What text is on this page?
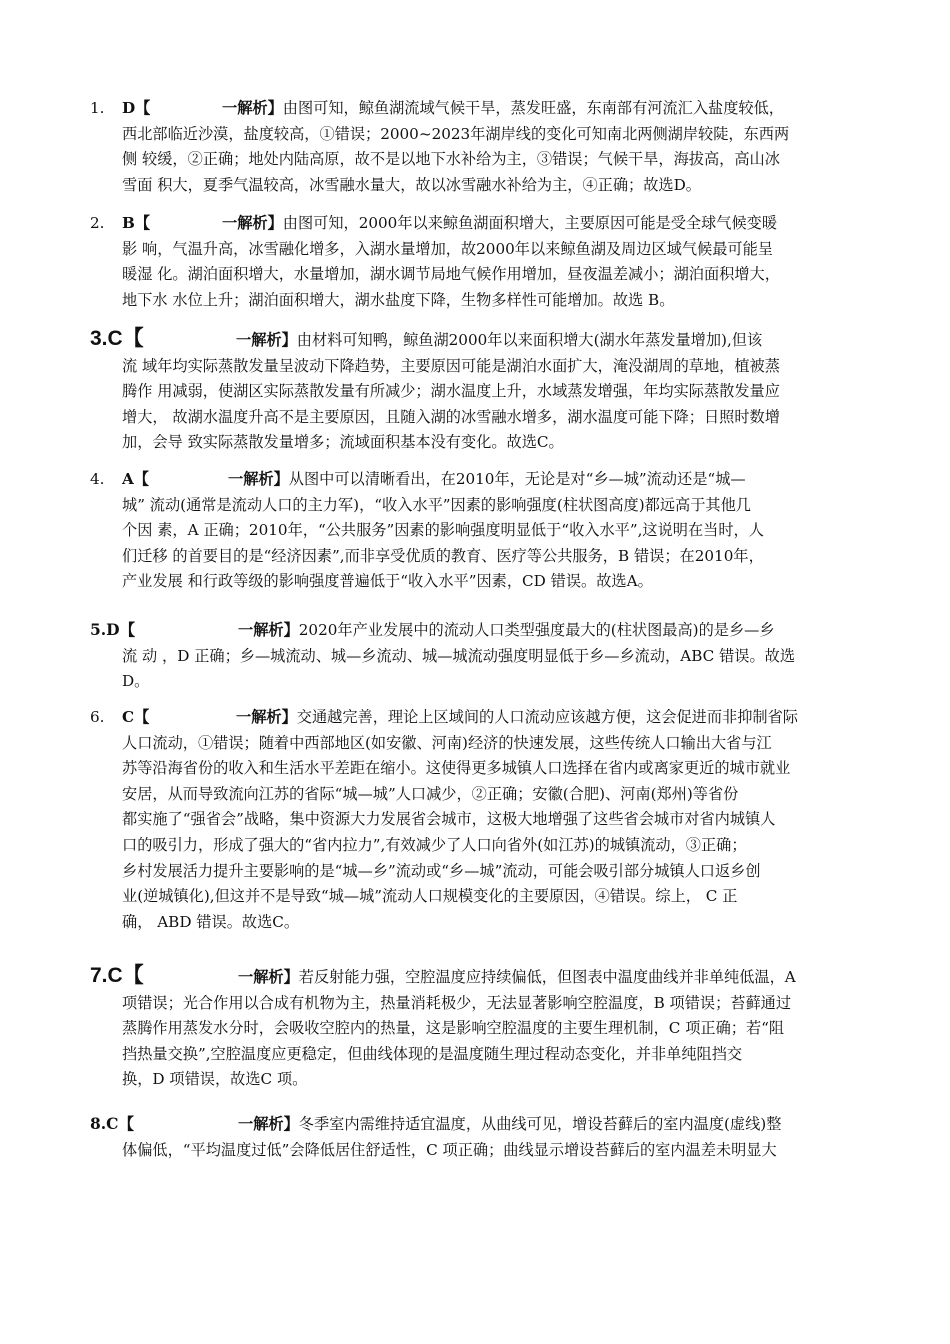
1. D【	一解析】由图可知，鲸鱼湖流域气候干旱，蒸发旺盛，东南部有河流汇入盐度较低，
西北部临近沙漠，盐度较高，①错误；2000~2023年湖岸线的变化可知南北两侧湖岸较陡，东西两
侧 较缓，②正确；地处内陆高原，故不是以地下水补给为主，③错误；气候干旱，海拔高，高山冰
雪面 积大，夏季气温较高，冰雪融水量大，故以冰雪融水补给为主，④正确；故选D。
2. B【	一解析】由图可知，2000年以来鲸鱼湖面积增大，主要原因可能是受全球气候变暖
影 响，气温升高，冰雪融化增多，入湖水量增加，故2000年以来鲸鱼湖及周边区域气候最可能呈
暖湿 化。湖泊面积增大，水量增加，湖水调节局地气候作用增加，昼夜温差减小；湖泊面积增大，
地下水 水位上升；湖泊面积增大，湖水盐度下降，生物多样性可能增加。故选 B。
3.C【	一解析】由材料可知鸭，鲸鱼湖2000年以来面积增大(湖水年蒸发量增加),但该
流 域年均实际蒸散发量呈波动下降趋势，主要原因可能是湖泊水面扩大，淹没湖周的草地，植被蒸
腾作 用减弱，使湖区实际蒸散发量有所减少；湖水温度上升，水域蒸发增强，年均实际蒸散发量应
增大， 故湖水温度升高不是主要原因，且随入湖的冰雪融水增多，湖水温度可能下降；日照时数增
加，会导 致实际蒸散发量增多；流域面积基本没有变化。故选C。
4. A【	一解析】从图中可以清晰看出，在2010年，无论是对“乡—城”流动还是“城—
城” 流动(通常是流动人口的主力军)，“收入水平”因素的影响强度(柱状图高度)都远高于其他几
个因 素，A 正确；2010年，“公共服务”因素的影响强度明显低于“收入水平”,这说明在当时，人
们迁移 的首要目的是“经济因素”,而非享受优质的教育、医疗等公共服务，B 错误；在2010年，
产业发展 和行政等级的影响强度普遍低于“收入水平”因素，CD 错误。故选A。
5.D【	一解析】2020年产业发展中的流动人口类型强度最大的(柱状图最高)的是乡—乡
流 动 ，D 正确；乡—城流动、城—乡流动、城—城流动强度明显低于乡—乡流动，ABC 错误。故选
D。
6. C【	一解析】交通越完善，理论上区域间的人口流动应该越方便，这会促进而非抑制省际
人口流动，①错误；随着中西部地区(如安徽、河南)经济的快速发展，这些传统人口输出大省与江
苏等沿海省份的收入和生活水平差距在缩小。这使得更多城镇人口选择在省内或离家更近的城市就业
安居，从而导致流向江苏的省际“城—城”人口减少，②正确；安徽(合肥)、河南(郑州)等省份
都实施了“强省会”战略，集中资源大力发展省会城市，这极大地增强了这些省会城市对省内城镇人
口的吸引力，形成了强大的“省内拉力”,有效减少了人口向省外(如江苏)的城镇流动，③正确；
乡村发展活力提升主要影响的是“城—乡”流动或“乡—城”流动，可能会吸引部分城镇人口返乡创
业(逆城镇化),但这并不是导致“城—城”流动人口规模变化的主要原因，④错误。综上， C 正
确， ABD 错误。故选C。
7.C【	一解析】若反射能力强，空腔温度应持续偏低，但图表中温度曲线并非单纯低温，A
项错误；光合作用以合成有机物为主，热量消耗极少，无法显著影响空腔温度，B 项错误；苔藓通过
蒸腾作用蒸发水分时，会吸收空腔内的热量，这是影响空腔温度的主要生理机制，C 项正确；若“阻
挡热量交换”,空腔温度应更稳定，但曲线体现的是温度随生理过程动态变化，并非单纯阻挡交
换，D 项错误，故选C 项。
8.C【	一解析】冬季室内需维持适宜温度，从曲线可见，增设苔藓后的室内温度(虚线)整
体偏低，“平均温度过低”会降低居住舒适性，C 项正确；曲线显示增设苔藓后的室内温差未明显大
